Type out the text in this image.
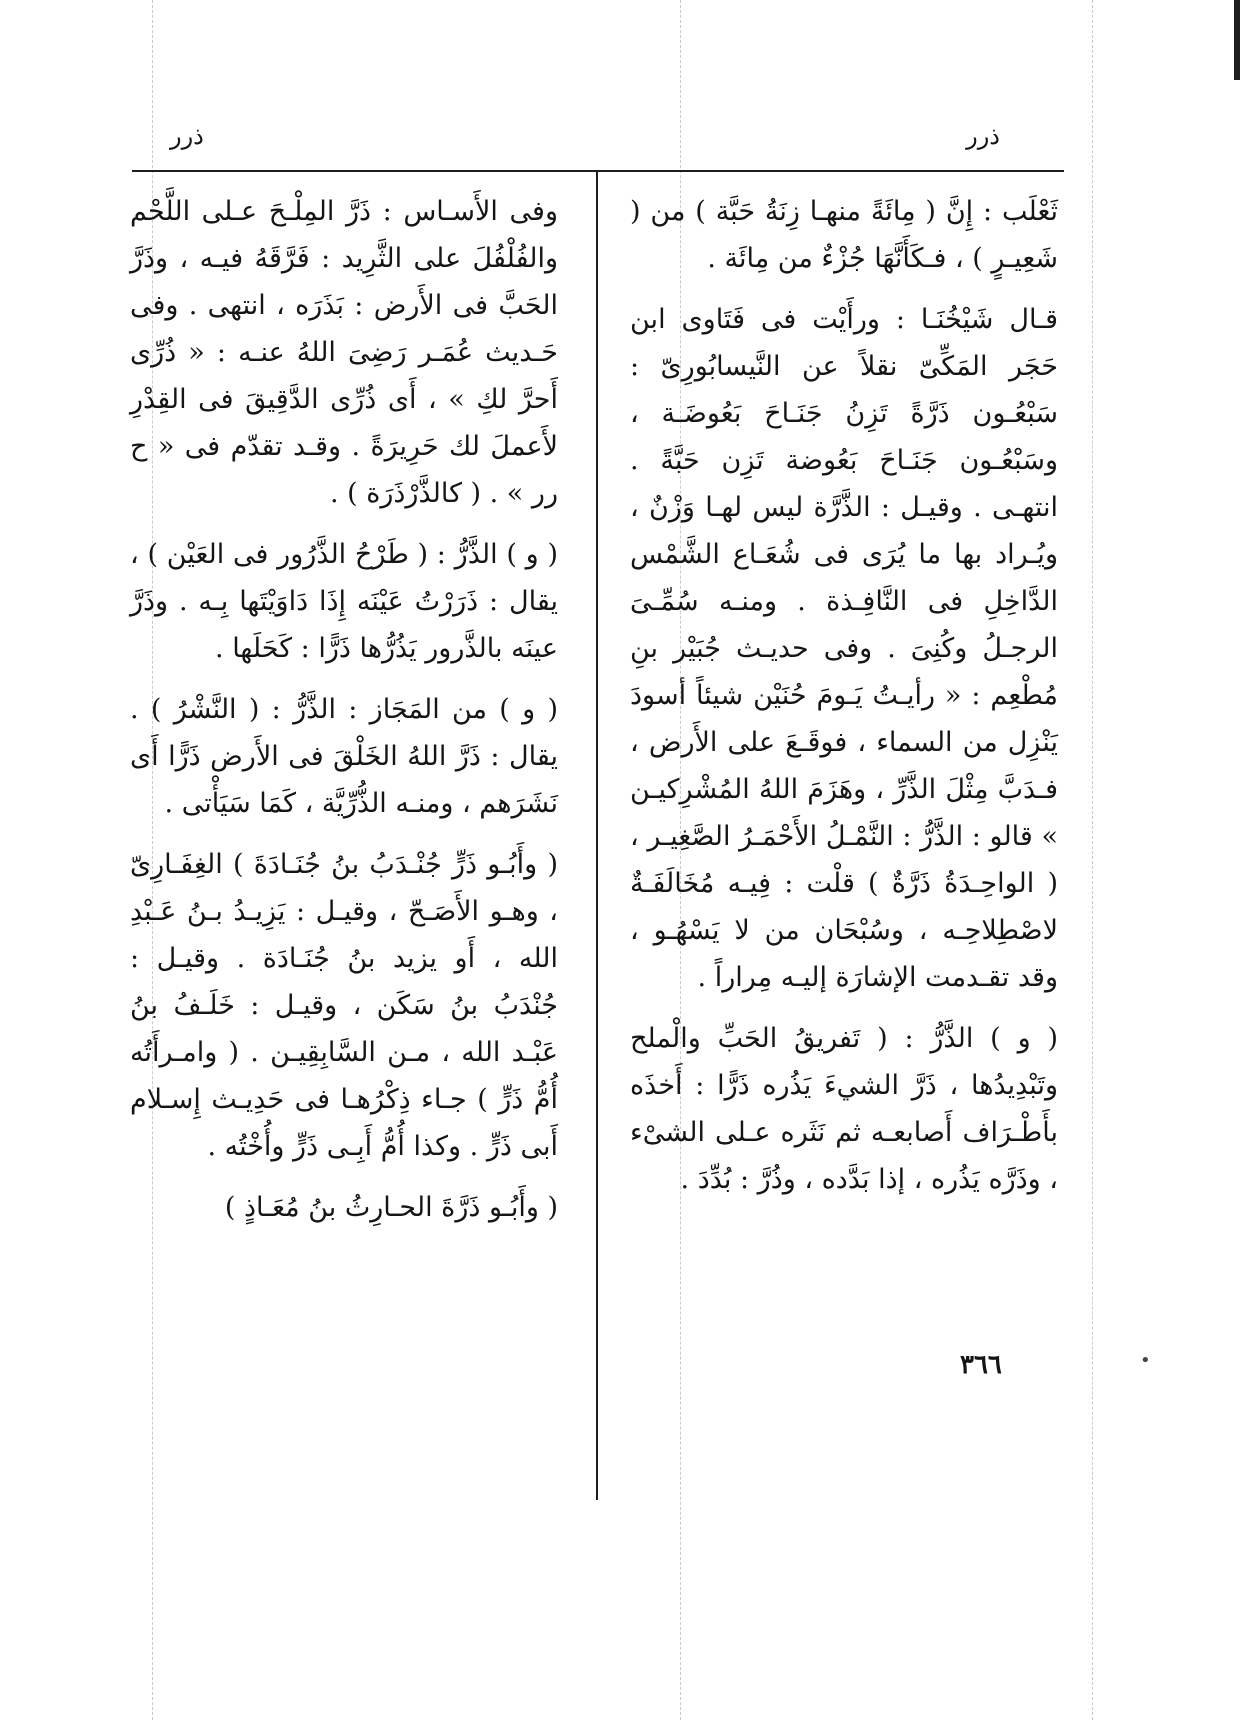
ذرر	ذرر

ثَعْلَب : إِنَّ ( مِائَةً منهـا زِنَةُ حَبَّة ) من ( شَعِيـرٍ ) ، فـكَأَنَّهَا جُزْءٌ من مِائَة .

قـال شَيْخُنَـا : ورأَيْت فى فَتَاوى ابن حَجَر المَكِّىّ نقلاً عن النَّيسابُورِىّ : سَبْعُـون ذَرَّةً تَزِنُ جَنَـاحَ بَعُوضَـة ، وسَبْعُـون جَنَـاحَ بَعُوضة تَزِن حَبَّةً . انتهـى . وقيـل : الذَّرَّة ليس لهـا وَزْنٌ ، ويُـراد بها ما يُرَى فى شُعَـاع الشَّمْس الدَّاخِلِ فى النَّافِـذة . ومنـه سُمِّـىَ الرجـلُ وكُنِىَ . وفى حديـث جُبَيْر بنِ مُطْعِم : « رأيـتُ يَـومَ حُنَيْن شيئاً أسودَ يَنْزِل من السماء ، فوقَـعَ على الأَرض ، فـدَبَّ مِثْلَ الذَّرِّ ، وهَزَمَ اللهُ المُشْرِكيـن » قالو : الذَّرُّ : النَّمْـلُ الأَحْمَـرُ الصَّغِيـر ، ( الواحِـدَةُ ذَرَّةٌ ) قلْت : فِيـه مُخَالَفَـةٌ لاصْطِلاحِـه ، وسُبْحَان من لا يَسْهُـو ، وقد تقـدمت الإشارَة إليـه مِراراً .

( و ) الذَّرُّ : ( تَفريقُ الحَبِّ والْملح وتَبْدِيدُها ، ذَرَّ الشيءَ يَذُره ذَرًّا : أَخذَه بأَطْـرَاف أَصابعـه ثم نَثَره عـلى الشىْء ، وذَرَّه يَذُره ، إذا بَدَّده ، وذُرَّ : بُدِّدَ .

وفى الأَسـاس : ذَرَّ المِلْـحَ عـلى اللَّحْم والفُلْفُلَ على الثَّرِيد : فَرَّقَهُ فيـه ، وذَرَّ الحَبَّ فى الأَرض : بَذَرَه ، انتهى . وفى حَـديث عُمَـر رَضِىَ اللهُ عنـه : « ذُرِّى أَحرَّ لكِ » ، أَى ذُرِّى الدَّقِيقَ فى القِدْرِ لأَعملَ لك حَرِيرَةً . وقـد تقدّم فى « ح رر » . ( كالذَّرْذَرَة ) .

( و ) الذَّرُّ : ( طَرْحُ الذَّرُور فى العَيْن ) ، يقال : ذَرَرْتُ عَيْنَه إِذَا دَاوَيْتَها بِـه . وذَرَّ عينَه بالذَّرور يَذُرُّها ذَرًّا : كَحَلَها .

( و ) من المَجَاز : الذَّرُّ : ( النَّشْرُ ) . يقال : ذَرَّ اللهُ الخَلْقَ فى الأَرض ذَرًّا أَى نَشَرَهم ، ومنـه الذُّرِّيَّة ، كَمَا سَيَأْتى .

( وأَبُـو ذَرٍّ جُنْـدَبُ بنُ جُنَـادَةَ ) الغِفَـارِىّ ، وهـو الأَصَـحّ ، وقيـل : يَزِيـدُ بـنُ عَـبْدِ الله ، أَو يزيد بنُ جُنَـادَة . وقيـل : جُنْدَبُ بنُ سَكَن ، وقيـل : خَلَـفُ بنُ عَبْـد الله ، مـن السَّابِقِيـن . ( وامـرأَتُه أُمُّ ذَرٍّ ) جـاء ذِكْرُهـا فى حَدِيـث إِسـلام أَبى ذَرٍّ . وكذا أُمُّ أَبِـى ذَرٍّ وأُخْتُه .

( وأَبُـو ذَرَّةَ الحـارِثُ بنُ مُعَـاذٍ )

٣٦٦	•
